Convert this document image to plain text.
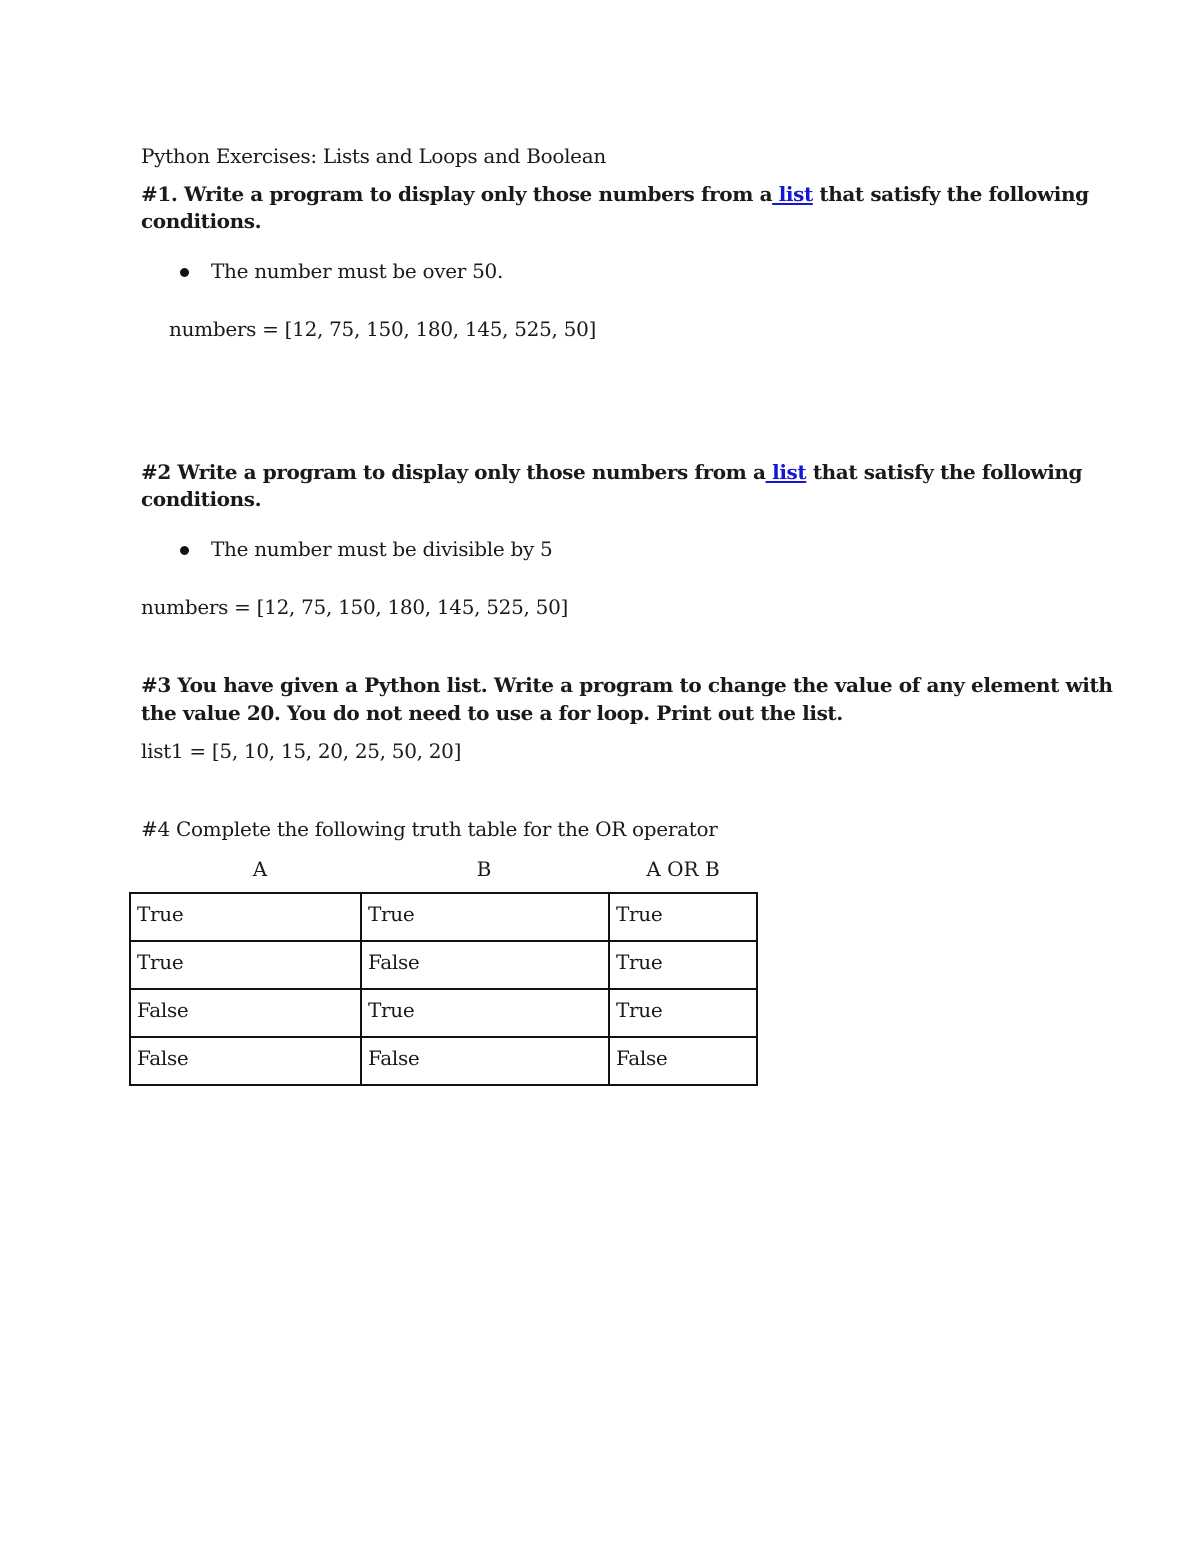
Python Exercises: Lists and Loops and Boolean
#1. Write a program to display only those numbers from a list that satisfy the following
conditions.
The number must be over 50.
numbers = [12, 75, 150, 180, 145, 525, 50]
#2 Write a program to display only those numbers from a list that satisfy the following
conditions.
The number must be divisible by 5
numbers = [12, 75, 150, 180, 145, 525, 50]
#3 You have given a Python list. Write a program to change the value of any element with
the value 20. You do not need to use a for loop. Print out the list.
list1 = [5, 10, 15, 20, 25, 50, 20]
#4 Complete the following truth table for the OR operator
A	B	A OR B
True	True	True
True	False	True
False	True	True
False	False	False
